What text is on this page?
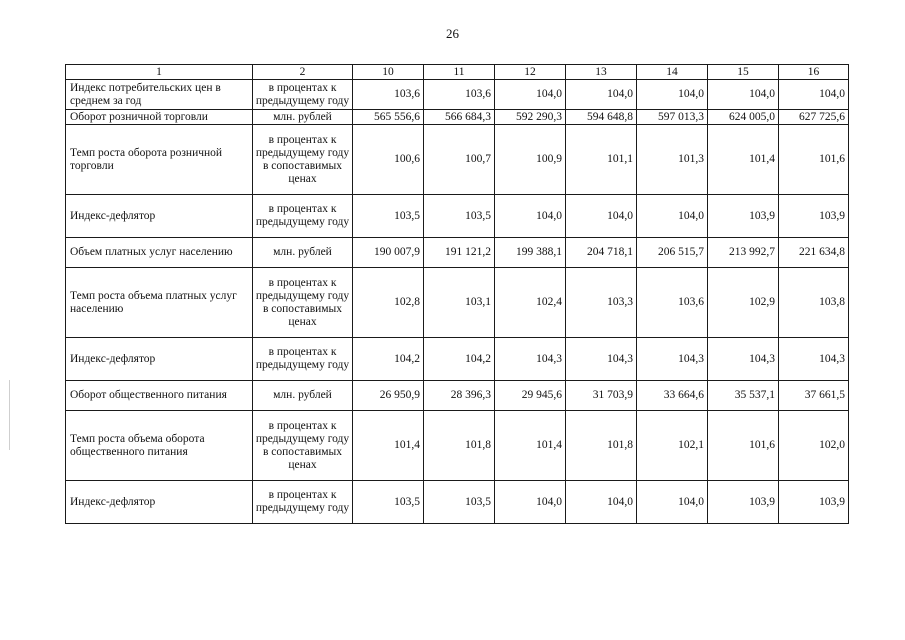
26
1	2	10	11	12	13	14	15	16
Индекс потребительских цен в среднем за год	в процентах к предыдущему году	103,6	103,6	104,0	104,0	104,0	104,0	104,0
Оборот розничной торговли	млн. рублей	565 556,6	566 684,3	592 290,3	594 648,8	597 013,3	624 005,0	627 725,6
Темп роста оборота розничной торговли	в процентах к предыдущему году в сопоставимых ценах	100,6	100,7	100,9	101,1	101,3	101,4	101,6
Индекс-дефлятор	в процентах к предыдущему году	103,5	103,5	104,0	104,0	104,0	103,9	103,9
Объем платных услуг населению	млн. рублей	190 007,9	191 121,2	199 388,1	204 718,1	206 515,7	213 992,7	221 634,8
Темп роста объема платных услуг населению	в процентах к предыдущему году в сопоставимых ценах	102,8	103,1	102,4	103,3	103,6	102,9	103,8
Индекс-дефлятор	в процентах к предыдущему году	104,2	104,2	104,3	104,3	104,3	104,3	104,3
Оборот общественного питания	млн. рублей	26 950,9	28 396,3	29 945,6	31 703,9	33 664,6	35 537,1	37 661,5
Темп роста объема оборота общественного питания	в процентах к предыдущему году в сопоставимых ценах	101,4	101,8	101,4	101,8	102,1	101,6	102,0
Индекс-дефлятор	в процентах к предыдущему году	103,5	103,5	104,0	104,0	104,0	103,9	103,9
